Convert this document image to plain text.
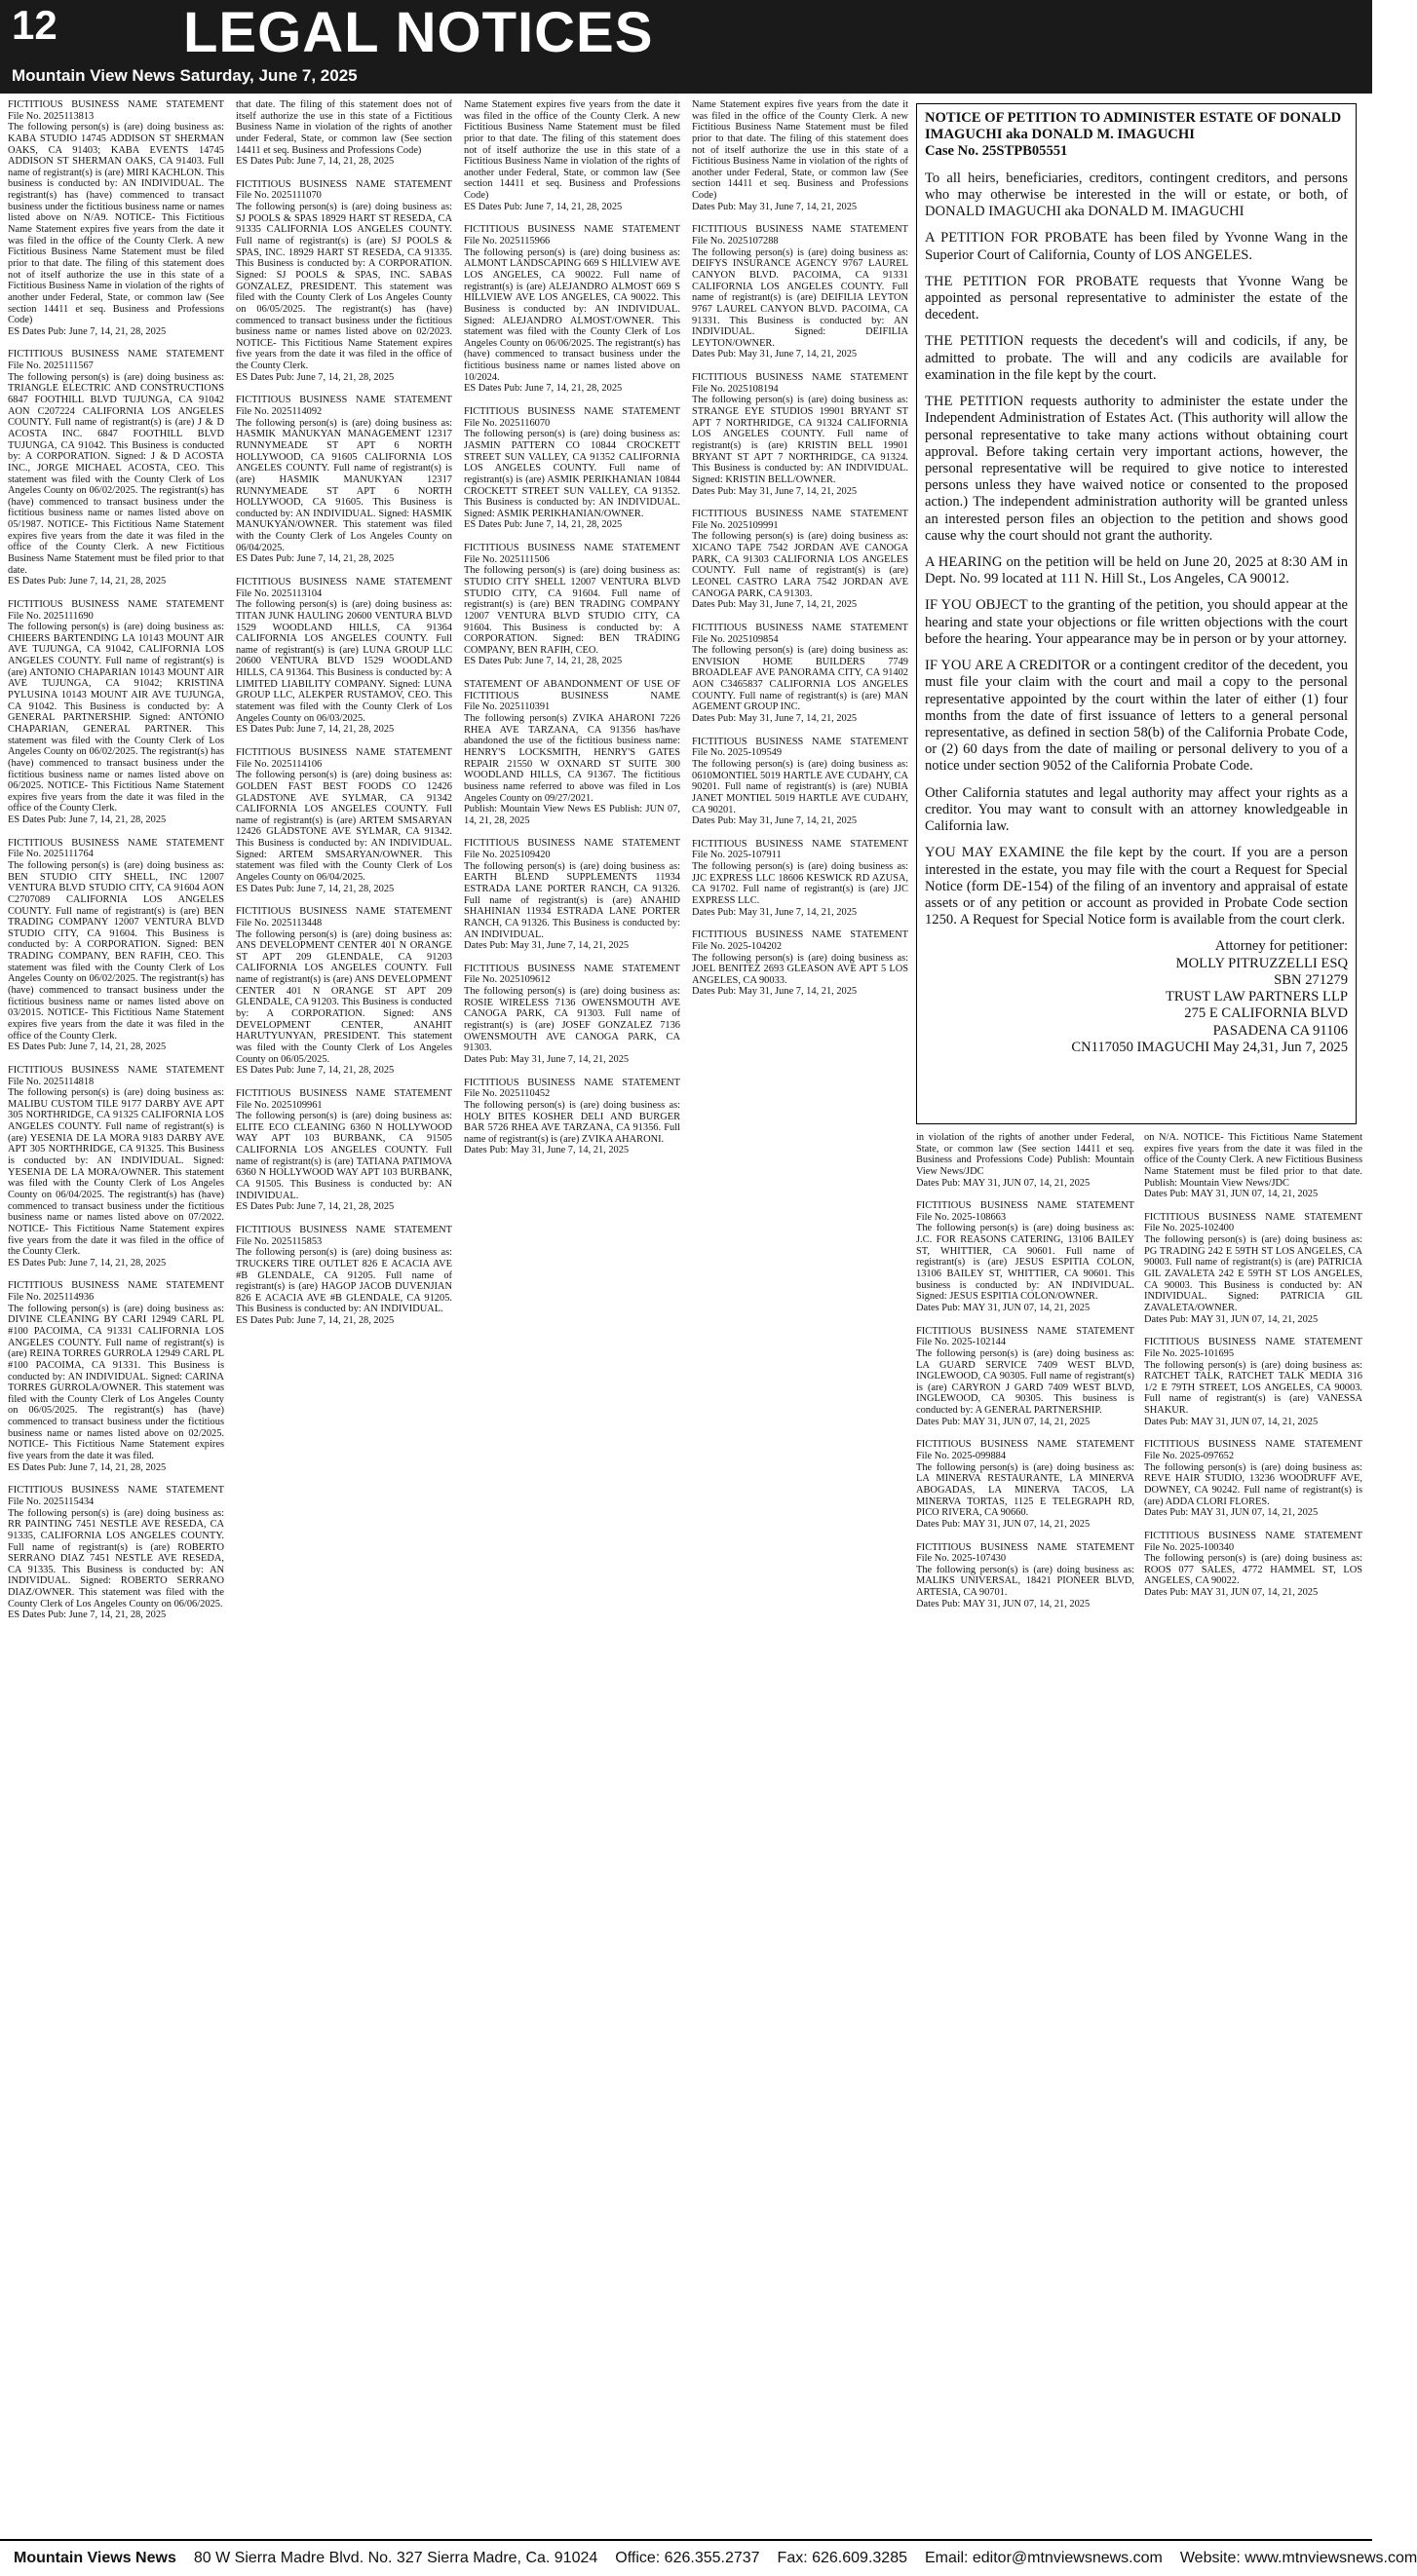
12 LEGAL NOTICES
Mountain View News Saturday, June 7, 2025
FICTITIOUS BUSINESS NAME STATEMENT
File No. 2025113813
The following person(s) is (are) doing business as: KABA STUDIO 14745 ADDISON ST SHERMAN OAKS, CA 91403; KABA EVENTS 14745 ADDISON ST SHERMAN OAKS, CA 91403. Full name of registrant(s) is (are) MIRI KACHLON. This business is conducted by: AN INDIVIDUAL. The registrant(s) has (have) commenced to transact business under the fictitious business name or names listed above on N/A9. NOTICE- This Fictitious Name Statement expires five years from the date it was filed in the office of the County Clerk. A new Fictitious Business Name Statement must be filed prior to that date. The filing of this statement does not of itself authorize the use in this state of a Fictitious Business Name in violation of the rights of another under Federal, State, or common law (See section 14411 et seq. Business and Professions Code)
ES Dates Pub: June 7, 14, 21, 28, 2025
FICTITIOUS BUSINESS NAME STATEMENT
File No. 2025111567
The following person(s) is (are) doing business as: TRIANGLE ELECTRIC AND CONSTRUCTIONS 6847 FOOTHILL BLVD TUJUNGA, CA 91042 AON C207224 CALIFORNIA LOS ANGELES COUNTY. Full name of registrant(s) is (are) J & D ACOSTA INC. 6847 FOOTHILL BLVD TUJUNGA, CA 91042. This Business is conducted by: A CORPORATION. Signed: J & D ACOSTA INC., JORGE MICHAEL ACOSTA, CEO. This statement was filed with the County Clerk of Los Angeles County on 06/02/2025. The registrant(s) has (have) commenced to transact business under the fictitious business name or names listed above on 05/1987. NOTICE- This Fictitious Name Statement expires five years from the date it was filed in the office of the County Clerk. A new Fictitious Business Name Statement must be filed prior to that date.
ES Dates Pub: June 7, 14, 21, 28, 2025
FICTITIOUS BUSINESS NAME STATEMENT
File No. 2025111690
The following person(s) is (are) doing business as: CHIEERS BARTENDING LA 10143 MOUNT AIR AVE TUJUNGA, CA 91042, CALIFORNIA LOS ANGELES COUNTY. Full name of registrant(s) is (are) ANTONIO CHAPARIAN 10143 MOUNT AIR AVE TUJUNGA, CA 91042; KRISTINA PYLUSINA 10143 MOUNT AIR AVE TUJUNGA, CA 91042. This Business is conducted by: A GENERAL PARTNERSHIP. Signed: ANTONIO CHAPARIAN, GENERAL PARTNER. This statement was filed with the County Clerk of Los Angeles County on 06/02/2025. The registrant(s) has (have) commenced to transact business under the fictitious business name or names listed above on 06/2025. NOTICE- This Fictitious Name Statement expires five years from the date it was filed in the office of the County Clerk.
ES Dates Pub: June 7, 14, 21, 28, 2025
FICTITIOUS BUSINESS NAME STATEMENT
File No. 2025111764
The following person(s) is (are) doing business as: BEN STUDIO CITY SHELL, INC 12007 VENTURA BLVD STUDIO CITY, CA 91604 AON C2707089 CALIFORNIA LOS ANGELES COUNTY. Full name of registrant(s) is (are) BEN TRADING COMPANY 12007 VENTURA BLVD STUDIO CITY, CA 91604. This Business is conducted by: A CORPORATION. Signed: BEN TRADING COMPANY, BEN RAFIH, CEO. This statement was filed with the County Clerk of Los Angeles County on 06/02/2025. The registrant(s) has (have) commenced to transact business under the fictitious business name or names listed above on 03/2015. NOTICE- This Fictitious Name Statement expires five years from the date it was filed in the office of the County Clerk.
ES Dates Pub: June 7, 14, 21, 28, 2025
FICTITIOUS BUSINESS NAME STATEMENT
File No. 2025114818
The following person(s) is (are) doing business as: MALIBU CUSTOM TILE 9177 DARBY AVE APT 305 NORTHRIDGE, CA 91325 CALIFORNIA LOS ANGELES COUNTY. Full name of registrant(s) is (are) YESENIA DE LA MORA 9183 DARBY AVE APT 305 NORTHRIDGE, CA 91325. This Business is conducted by: AN INDIVIDUAL. Signed: YESENIA DE LA MORA/OWNER. This statement was filed with the County Clerk of Los Angeles County on 06/04/2025. The registrant(s) has (have) commenced to transact business under the fictitious business name or names listed above on 07/2022. NOTICE- This Fictitious Name Statement expires five years from the date it was filed in the office of the County Clerk.
ES Dates Pub: June 7, 14, 21, 28, 2025
FICTITIOUS BUSINESS NAME STATEMENT
File No. 2025114936
The following person(s) is (are) doing business as: DIVINE CLEANING BY CARI 12949 CARL PL #100 PACOIMA, CA 91331 CALIFORNIA LOS ANGELES COUNTY. Full name of registrant(s) is (are) REINA TORRES GURROLA 12949 CARL PL #100 PACOIMA, CA 91331. This Business is conducted by: AN INDIVIDUAL. Signed: CARINA TORRES GURROLA/OWNER. This statement was filed with the County Clerk of Los Angeles County on 06/05/2025. The registrant(s) has (have) commenced to transact business under the fictitious business name or names listed above on 02/2025. NOTICE- This Fictitious Name Statement expires five years from the date it was filed.
ES Dates Pub: June 7, 14, 21, 28, 2025
FICTITIOUS BUSINESS NAME STATEMENT
File No. 2025115434
The following person(s) is (are) doing business as: RR PAINTING 7451 NESTLE AVE RESEDA, CA 91335, CALIFORNIA LOS ANGELES COUNTY. Full name of registrant(s) is (are) ROBERTO SERRANO DIAZ 7451 NESTLE AVE RESEDA, CA 91335. This Business is conducted by: AN INDIVIDUAL. Signed: ROBERTO SERRANO DIAZ/OWNER. This statement was filed with the County Clerk of Los Angeles County on 06/06/2025.
ES Dates Pub: June 7, 14, 21, 28, 2025
that date. The filing of this statement does not of itself authorize the use in this state of a Fictitious Business Name in violation of the rights of another under Federal, State, or common law (See section 14411 et seq. Business and Professions Code)
ES Dates Pub: June 7, 14, 21, 28, 2025
FICTITIOUS BUSINESS NAME STATEMENT
File No. 2025111070
The following person(s) is (are) doing business as: SJ POOLS & SPAS 18929 HART ST RESEDA, CA 91335 CALIFORNIA LOS ANGELES COUNTY. Full name of registrant(s) is (are) SJ POOLS & SPAS, INC. 18929 HART ST RESEDA, CA 91335. This Business is conducted by: A CORPORATION. Signed: SJ POOLS & SPAS, INC. SABAS GONZALEZ, PRESIDENT. This statement was filed with the County Clerk of Los Angeles County on 06/05/2025. The registrant(s) has (have) commenced to transact business under the fictitious business name or names listed above on 02/2023. NOTICE- This Fictitious Name Statement expires five years from the date it was filed in the office of the County Clerk.
ES Dates Pub: June 7, 14, 21, 28, 2025
FICTITIOUS BUSINESS NAME STATEMENT
File No. 2025114092
The following person(s) is (are) doing business as: HASMIK MANUKYAN MANAGEMENT 12317 RUNNYMEADE ST APT 6 NORTH HOLLYWOOD, CA 91605 CALIFORNIA LOS ANGELES COUNTY. Full name of registrant(s) is (are) HASMIK MANUKYAN 12317 RUNNYMEADE ST APT 6 NORTH HOLLYWOOD, CA 91605. This Business is conducted by: AN INDIVIDUAL. Signed: HASMIK MANUKYAN/OWNER. This statement was filed with the County Clerk of Los Angeles County on 06/04/2025.
ES Dates Pub: June 7, 14, 21, 28, 2025
FICTITIOUS BUSINESS NAME STATEMENT
File No. 2025113104
The following person(s) is (are) doing business as: TITAN JUNK HAULING 20600 VENTURA BLVD 1529 WOODLAND HILLS, CA 91364 CALIFORNIA LOS ANGELES COUNTY. Full name of registrant(s) is (are) LUNA GROUP LLC 20600 VENTURA BLVD 1529 WOODLAND HILLS, CA 91364. This Business is conducted by: A LIMITED LIABILITY COMPANY. Signed: LUNA GROUP LLC, ALEKPER RUSTAMOV, CEO. This statement was filed with the County Clerk of Los Angeles County on 06/03/2025.
ES Dates Pub: June 7, 14, 21, 28, 2025
FICTITIOUS BUSINESS NAME STATEMENT
File No. 2025114106
The following person(s) is (are) doing business as: GOLDEN FAST BEST FOODS CO 12426 GLADSTONE AVE SYLMAR, CA 91342 CALIFORNIA LOS ANGELES COUNTY. Full name of registrant(s) is (are) ARTEM SMSARYAN 12426 GLADSTONE AVE SYLMAR, CA 91342. This Business is conducted by: AN INDIVIDUAL. Signed: ARTEM SMSARYAN/OWNER. This statement was filed with the County Clerk of Los Angeles County on 06/04/2025.
ES Dates Pub: June 7, 14, 21, 28, 2025
FICTITIOUS BUSINESS NAME STATEMENT
File No. 2025113448
The following person(s) is (are) doing business as: ANS DEVELOPMENT CENTER 401 N ORANGE ST APT 209 GLENDALE, CA 91203 CALIFORNIA LOS ANGELES COUNTY. Full name of registrant(s) is (are) ANS DEVELOPMENT CENTER 401 N ORANGE ST APT 209 GLENDALE, CA 91203. This Business is conducted by: A CORPORATION. Signed: ANS DEVELOPMENT CENTER, ANAHIT HARUTYUNYAN, PRESIDENT. This statement was filed with the County Clerk of Los Angeles County on 06/05/2025.
ES Dates Pub: June 7, 14, 21, 28, 2025
FICTITIOUS BUSINESS NAME STATEMENT
File No. 2025109961
The following person(s) is (are) doing business as: ELITE ECO CLEANING 6360 N HOLLYWOOD WAY APT 103 BURBANK, CA 91505 CALIFORNIA LOS ANGELES COUNTY. Full name of registrant(s) is (are) TATIANA PATIMOVA 6360 N HOLLYWOOD WAY APT 103 BURBANK, CA 91505. This Business is conducted by: AN INDIVIDUAL.
ES Dates Pub: June 7, 14, 21, 28, 2025
FICTITIOUS BUSINESS NAME STATEMENT
File No. 2025115853
The following person(s) is (are) doing business as: TRUCKERS TIRE OUTLET 826 E ACACIA AVE #B GLENDALE, CA 91205. Full name of registrant(s) is (are) HAGOP JACOB DUVENJIAN 826 E ACACIA AVE #B GLENDALE, CA 91205. This Business is conducted by: AN INDIVIDUAL.
ES Dates Pub: June 7, 14, 21, 28, 2025
Name Statement expires five years from the date it was filed in the office of the County Clerk. A new Fictitious Business Name Statement must be filed prior to that date. The filing of this statement does not of itself authorize the use in this state of a Fictitious Business Name in violation of the rights of another under Federal, State, or common law (See section 14411 et seq. Business and Professions Code)
ES Dates Pub: June 7, 14, 21, 28, 2025
FICTITIOUS BUSINESS NAME STATEMENT
File No. 2025115966
The following person(s) is (are) doing business as: ALMONT LANDSCAPING 669 S HILLVIEW AVE LOS ANGELES, CA 90022. Full name of registrant(s) is (are) ALEJANDRO ALMOST 669 S HILLVIEW AVE LOS ANGELES, CA 90022. This Business is conducted by: AN INDIVIDUAL. Signed: ALEJANDRO ALMOST/OWNER. This statement was filed with the County Clerk of Los Angeles County on 06/06/2025. The registrant(s) has (have) commenced to transact business under the fictitious business name or names listed above on 10/2024.
ES Dates Pub: June 7, 14, 21, 28, 2025
FICTITIOUS BUSINESS NAME STATEMENT
File No. 2025116070
The following person(s) is (are) doing business as: JASMIN PATTERN CO 10844 CROCKETT STREET SUN VALLEY, CA 91352 CALIFORNIA LOS ANGELES COUNTY. Full name of registrant(s) is (are) ASMIK PERIKHANIAN 10844 CROCKETT STREET SUN VALLEY, CA 91352. This Business is conducted by: AN INDIVIDUAL. Signed: ASMIK PERIKHANIAN/OWNER.
ES Dates Pub: June 7, 14, 21, 28, 2025
FICTITIOUS BUSINESS NAME STATEMENT
File No. 2025111506
The following person(s) is (are) doing business as: STUDIO CITY SHELL 12007 VENTURA BLVD STUDIO CITY, CA 91604. Full name of registrant(s) is (are) BEN TRADING COMPANY 12007 VENTURA BLVD STUDIO CITY, CA 91604. This Business is conducted by: A CORPORATION. Signed: BEN TRADING COMPANY, BEN RAFIH, CEO.
ES Dates Pub: June 7, 14, 21, 28, 2025
STATEMENT OF ABANDONMENT OF USE OF FICTITIOUS BUSINESS NAME
File No. 2025110391
The following person(s) ZVIKA AHARONI 7226 RHEA AVE TARZANA, CA 91356 has/have abandoned the use of the fictitious business name: HENRY'S LOCKSMITH, HENRY'S GATES REPAIR 21550 W OXNARD ST SUITE 300 WOODLAND HILLS, CA 91367. The fictitious business name referred to above was filed in Los Angeles County on 09/27/2021.
Publish: Mountain View News ES Publish: JUN 07, 14, 21, 28, 2025
FICTITIOUS BUSINESS NAME STATEMENT
File No. 2025109420
The following person(s) is (are) doing business as: EARTH BLEND SUPPLEMENTS 11934 ESTRADA LANE PORTER RANCH, CA 91326. Full name of registrant(s) is (are) ANAHID SHAHINIAN 11934 ESTRADA LANE PORTER RANCH, CA 91326. This Business is conducted by: AN INDIVIDUAL.
Dates Pub: May 31, June 7, 14, 21, 2025
FICTITIOUS BUSINESS NAME STATEMENT
File No. 2025109612
The following person(s) is (are) doing business as: ROSIE WIRELESS 7136 OWENSMOUTH AVE CANOGA PARK, CA 91303. Full name of registrant(s) is (are) JOSEF GONZALEZ 7136 OWENSMOUTH AVE CANOGA PARK, CA 91303.
Dates Pub: May 31, June 7, 14, 21, 2025
FICTITIOUS BUSINESS NAME STATEMENT
File No. 2025110452
The following person(s) is (are) doing business as: HOLY BITES KOSHER DELI AND BURGER BAR 5726 RHEA AVE TARZANA, CA 91356. Full name of registrant(s) is (are) ZVIKA AHARONI.
Dates Pub: May 31, June 7, 14, 21, 2025
Name Statement expires five years from the date it was filed in the office of the County Clerk. A new Fictitious Business Name Statement must be filed prior to that date. The filing of this statement does not of itself authorize the use in this state of a Fictitious Business Name in violation of the rights of another under Federal, State, or common law (See section 14411 et seq. Business and Professions Code)
Dates Pub: May 31, June 7, 14, 21, 2025
FICTITIOUS BUSINESS NAME STATEMENT
File No. 2025107288
The following person(s) is (are) doing business as: DEIFYS INSURANCE AGENCY 9767 LAUREL CANYON BLVD. PACOIMA, CA 91331 CALIFORNIA LOS ANGELES COUNTY. Full name of registrant(s) is (are) DEIFILIA LEYTON 9767 LAUREL CANYON BLVD. PACOIMA, CA 91331. This Business is conducted by: AN INDIVIDUAL. Signed: DEIFILIA LEYTON/OWNER.
Dates Pub: May 31, June 7, 14, 21, 2025
FICTITIOUS BUSINESS NAME STATEMENT
File No. 2025108194
The following person(s) is (are) doing business as: STRANGE EYE STUDIOS 19901 BRYANT ST APT 7 NORTHRIDGE, CA 91324 CALIFORNIA LOS ANGELES COUNTY. Full name of registrant(s) is (are) KRISTIN BELL 19901 BRYANT ST APT 7 NORTHRIDGE, CA 91324. This Business is conducted by: AN INDIVIDUAL. Signed: KRISTIN BELL/OWNER.
Dates Pub: May 31, June 7, 14, 21, 2025
FICTITIOUS BUSINESS NAME STATEMENT
File No. 2025109991
The following person(s) is (are) doing business as: XICANO TAPE 7542 JORDAN AVE CANOGA PARK, CA 91303 CALIFORNIA LOS ANGELES COUNTY. Full name of registrant(s) is (are) LEONEL CASTRO LARA 7542 JORDAN AVE CANOGA PARK, CA 91303.
Dates Pub: May 31, June 7, 14, 21, 2025
FICTITIOUS BUSINESS NAME STATEMENT
File No. 2025109854
The following person(s) is (are) doing business as: ENVISION HOME BUILDERS 7749 BROADLEAF AVE PANORAMA CITY, CA 91402 AON C3465837 CALIFORNIA LOS ANGELES COUNTY. Full name of registrant(s) is (are) MAN AGEMENT GROUP INC.
Dates Pub: May 31, June 7, 14, 21, 2025
FICTITIOUS BUSINESS NAME STATEMENT
File No. 2025-109549
The following person(s) is (are) doing business as: 0610MONTIEL 5019 HARTLE AVE CUDAHY, CA 90201. Full name of registrant(s) is (are) NUBIA JANET MONTIEL 5019 HARTLE AVE CUDAHY, CA 90201.
Dates Pub: May 31, June 7, 14, 21, 2025
FICTITIOUS BUSINESS NAME STATEMENT
File No. 2025-107911
The following person(s) is (are) doing business as: JJC EXPRESS LLC 18606 KESWICK RD AZUSA, CA 91702. Full name of registrant(s) is (are) JJC EXPRESS LLC.
Dates Pub: May 31, June 7, 14, 21, 2025
FICTITIOUS BUSINESS NAME STATEMENT
File No. 2025-104202
The following person(s) is (are) doing business as: JOEL BENITEZ 2693 GLEASON AVE APT 5 LOS ANGELES, CA 90033.
Dates Pub: May 31, June 7, 14, 21, 2025
NOTICE OF PETITION TO ADMINISTER ESTATE OF DONALD IMAGUCHI aka DONALD M. IMAGUCHI
Case No. 25STPB05551

To all heirs, beneficiaries, creditors, contingent creditors, and persons who may otherwise be interested in the will or estate, or both, of DONALD IMAGUCHI aka DONALD M. IMAGUCHI

A PETITION FOR PROBATE has been filed by Yvonne Wang in the Superior Court of California, County of LOS ANGELES.

THE PETITION FOR PROBATE requests that Yvonne Wang be appointed as personal representative to administer the estate of the decedent.

THE PETITION requests the decedent's will and codicils, if any, be admitted to probate. The will and any codicils are available for examination in the file kept by the court.

THE PETITION requests authority to administer the estate under the Independent Administration of Estates Act. (This authority will allow the personal representative to take many actions without obtaining court approval. Before taking certain very important actions, however, the personal representative will be required to give notice to interested persons unless they have waived notice or consented to the proposed action.) The independent administration authority will be granted unless an interested person files an objection to the petition and shows good cause why the court should not grant the authority.

A HEARING on the petition will be held on June 20, 2025 at 8:30 AM in Dept. No. 99 located at 111 N. Hill St., Los Angeles, CA 90012.

IF YOU OBJECT to the granting of the petition, you should appear at the hearing and state your objections or file written objections with the court before the hearing. Your appearance may be in person or by your attorney.

IF YOU ARE A CREDITOR or a contingent creditor of the decedent, you must file your claim with the court and mail a copy to the personal representative appointed by the court within the later of either (1) four months from the date of first issuance of letters to a general personal representative, as defined in section 58(b) of the California Probate Code, or (2) 60 days from the date of mailing or personal delivery to you of a notice under section 9052 of the California Probate Code.

Other California statutes and legal authority may affect your rights as a creditor. You may want to consult with an attorney knowledgeable in California law.

YOU MAY EXAMINE the file kept by the court. If you are a person interested in the estate, you may file with the court a Request for Special Notice (form DE-154) of the filing of an inventory and appraisal of estate assets or of any petition or account as provided in Probate Code section 1250. A Request for Special Notice form is available from the court clerk.

Attorney for petitioner:
MOLLY PITRUZZELLI ESQ
SBN 271279
TRUST LAW PARTNERS LLP
275 E CALIFORNIA BLVD
PASADENA CA 91106
CN117050 IMAGUCHI May 24,31, Jun 7, 2025
in violation of the rights of another under Federal, State, or common law (See section 14411 et seq. Business and Professions Code) Publish: Mountain View News/JDC
Dates Pub: MAY 31, JUN 07, 14, 21, 2025
FICTITIOUS BUSINESS NAME STATEMENT
File No. 2025-108663
The following person(s) is (are) doing business as: J.C. FOR REASONS CATERING, 13106 BAILEY ST, WHITTIER, CA 90601. Full name of registrant(s) is (are) JESUS ESPITIA COLON, 13106 BAILEY ST, WHITTIER, CA 90601. This business is conducted by: AN INDIVIDUAL. Signed: JESUS ESPITIA COLON/OWNER.
Dates Pub: MAY 31, JUN 07, 14, 21, 2025
FICTITIOUS BUSINESS NAME STATEMENT
File No. 2025-102144
The following person(s) is (are) doing business as: LA GUARD SERVICE 7409 WEST BLVD, INGLEWOOD, CA 90305. Full name of registrant(s) is (are) CARYRON J GARD 7409 WEST BLVD, INGLEWOOD, CA 90305. This business is conducted by: A GENERAL PARTNERSHIP.
Dates Pub: MAY 31, JUN 07, 14, 21, 2025
FICTITIOUS BUSINESS NAME STATEMENT
File No. 2025-099884
The following person(s) is (are) doing business as: LA MINERVA RESTAURANTE, LA MINERVA ABOGADAS, LA MINERVA TACOS, LA MINERVA TORTAS, 1125 E TELEGRAPH RD, PICO RIVERA, CA 90660.
Dates Pub: MAY 31, JUN 07, 14, 21, 2025
FICTITIOUS BUSINESS NAME STATEMENT
File No. 2025-107430
The following person(s) is (are) doing business as: MALIKS UNIVERSAL, 18421 PIONEER BLVD, ARTESIA, CA 90701.
Dates Pub: MAY 31, JUN 07, 14, 21, 2025
on N/A. NOTICE- This Fictitious Name Statement expires five years from the date it was filed in the office of the County Clerk. A new Fictitious Business Name Statement must be filed prior to that date. Publish: Mountain View News/JDC
Dates Pub: MAY 31, JUN 07, 14, 21, 2025
FICTITIOUS BUSINESS NAME STATEMENT
File No. 2025-102400
The following person(s) is (are) doing business as: PG TRADING 242 E 59TH ST LOS ANGELES, CA 90003. Full name of registrant(s) is (are) PATRICIA GIL ZAVALETA 242 E 59TH ST LOS ANGELES, CA 90003. This Business is conducted by: AN INDIVIDUAL. Signed: PATRICIA GIL ZAVALETA/OWNER.
Dates Pub: MAY 31, JUN 07, 14, 21, 2025
FICTITIOUS BUSINESS NAME STATEMENT
File No. 2025-101695
The following person(s) is (are) doing business as: RATCHET TALK, RATCHET TALK MEDIA 316 1/2 E 79TH STREET, LOS ANGELES, CA 90003. Full name of registrant(s) is (are) VANESSA SHAKUR.
Dates Pub: MAY 31, JUN 07, 14, 21, 2025
FICTITIOUS BUSINESS NAME STATEMENT
File No. 2025-097652
The following person(s) is (are) doing business as: REVE HAIR STUDIO, 13236 WOODRUFF AVE, DOWNEY, CA 90242. Full name of registrant(s) is (are) ADDA CLORI FLORES.
Dates Pub: MAY 31, JUN 07, 14, 21, 2025
FICTITIOUS BUSINESS NAME STATEMENT
File No. 2025-100340
The following person(s) is (are) doing business as: ROOS 077 SALES, 4772 HAMMEL ST, LOS ANGELES, CA 90022.
Dates Pub: MAY 31, JUN 07, 14, 21, 2025
Mountain Views News 80 W Sierra Madre Blvd. No. 327 Sierra Madre, Ca. 91024 Office: 626.355.2737 Fax: 626.609.3285 Email: editor@mtnviewsnews.com Website: www.mtnviewsnews.com
